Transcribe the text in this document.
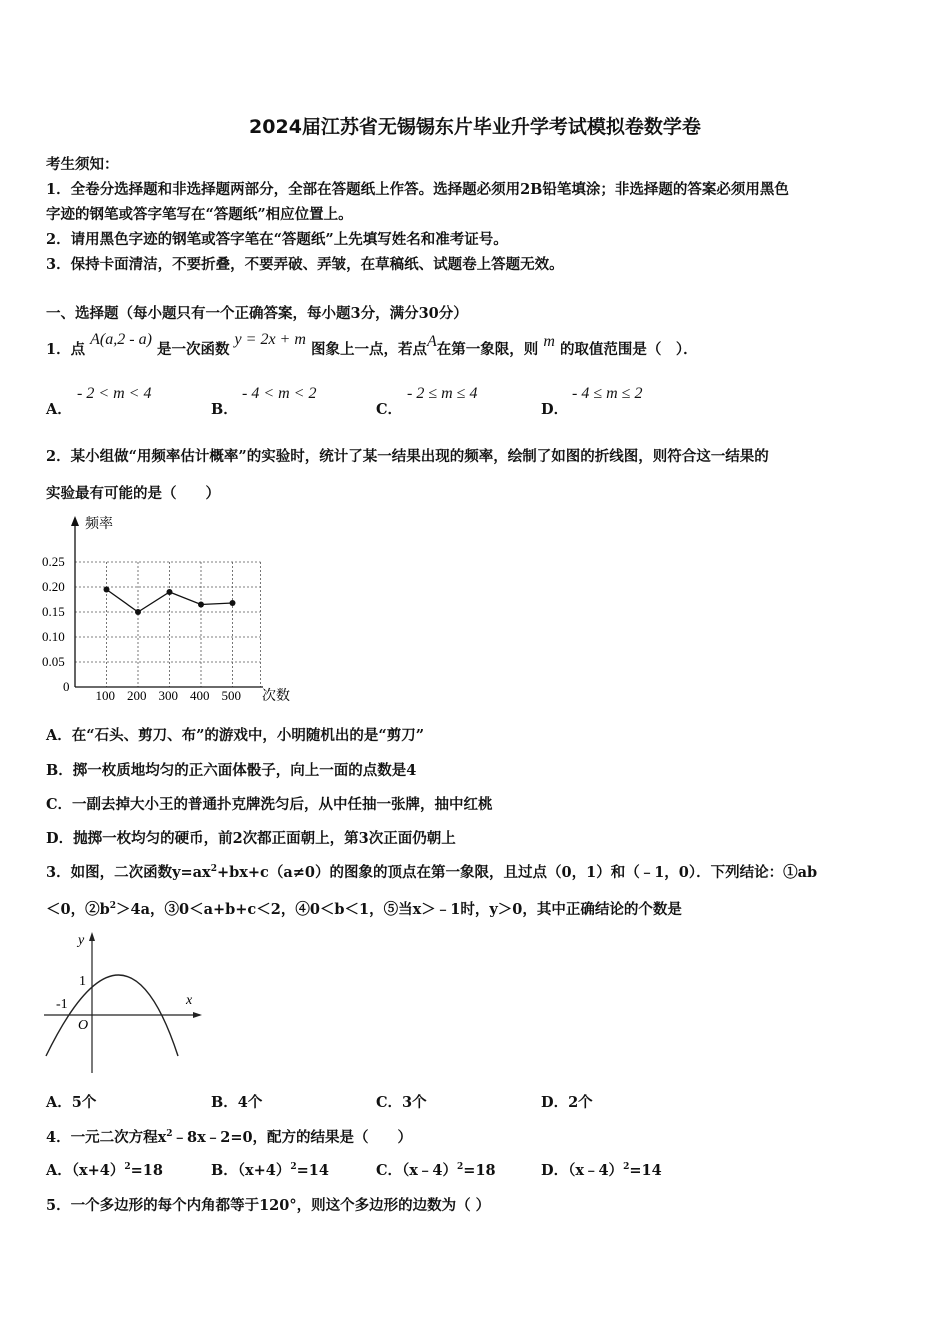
2024届江苏省无锡锡东片毕业升学考试模拟卷数学卷
考生须知：
1．全卷分选择题和非选择题两部分，全部在答题纸上作答。选择题必须用2B铅笔填涂；非选择题的答案必须用黑色
字迹的钢笔或答字笔写在“答题纸”相应位置上。
2．请用黑色字迹的钢笔或答字笔在“答题纸”上先填写姓名和准考证号。
3．保持卡面清洁，不要折叠，不要弄破、弄皱，在草稿纸、试题卷上答题无效。
一、选择题（每小题只有一个正确答案，每小题3分，满分30分）
1．点 A(a,2 - a) 是一次函数 y = 2x + m 图象上一点，若点A在第一象限，则 m 的取值范围是（　）．
A．
- 2 < m < 4
B．
- 4 < m < 2
C．
- 2 ≤ m ≤ 4
D．
- 4 ≤ m ≤ 2
2．某小组做“用频率估计概率”的实验时，统计了某一结果出现的频率，绘制了如图的折线图，则符合这一结果的
实验最有可能的是（　　）
频率
次数
0
0.25
0.20
0.15
0.10
0.05
100 200 300 400 500
A．在“石头、剪刀、布”的游戏中，小明随机出的是“剪刀”
B．掷一枚质地均匀的正六面体骰子，向上一面的点数是4
C．一副去掉大小王的普通扑克牌洗匀后，从中任抽一张牌，抽中红桃
D．抛掷一枚均匀的硬币，前2次都正面朝上，第3次正面仍朝上
3．如图，二次函数$y=ax^2+bx+c(a\ne 0)$的图象的顶点在第一象限，且过点（0，1）和（﹣1，0）．下列结论：①ab
＜0，$②b^2>4a$，③0＜a+b+c＜2，④0＜b＜1，⑤当x＞﹣1时，y＞0，其中正确结论的个数是
y
x
1
-1
O
A．5个	B．4个	C．3个	D．2个
4．一元二次方程$x^2﹣8x﹣2=0$，配方的结果是（　　）
A．$(x+4)^2=18$	B．$(x+4)^2=14$	C．（x﹣4）$^2$=18	D．（x﹣4）$^2$=14
5．一个多边形的每个内角都等于120°，则这个多边形的边数为（ ）
